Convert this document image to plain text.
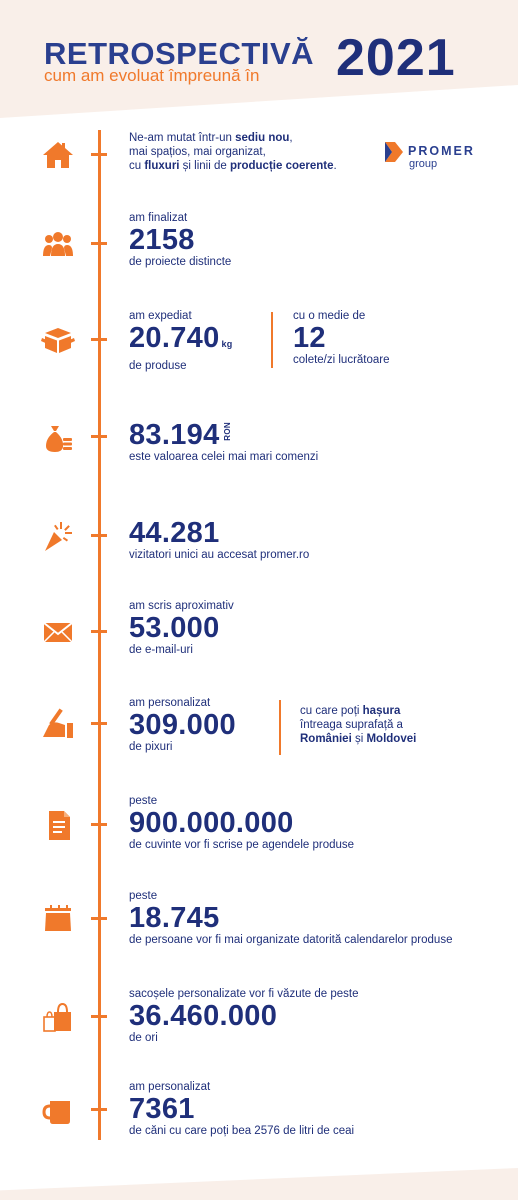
RETROSPECTIVĂ
cum am evoluat împreună în 2021
PROMER
group
Ne-am mutat într-un sediu nou,
mai spațios, mai organizat,
cu fluxuri și linii de producție coerente.
am finalizat
2158
de proiecte distincte
am expediat
20.740 kg
de produse
cu o medie de
12
colete/zi lucrătoare
83.194 RON
este valoarea celei mai mari comenzi
44.281
vizitatori unici au accesat promer.ro
am scris aproximativ
53.000
de e-mail-uri
am personalizat
309.000
de pixuri
cu care poți hașura
întreaga suprafață a
României și Moldovei
peste
900.000.000
de cuvinte vor fi scrise pe agendele produse
peste
18.745
de persoane vor fi mai organizate datorită calendarelor produse
sacoșele personalizate vor fi văzute de peste
36.460.000
de ori
am personalizat
7361
de căni cu care poți bea 2576 de litri de ceai
